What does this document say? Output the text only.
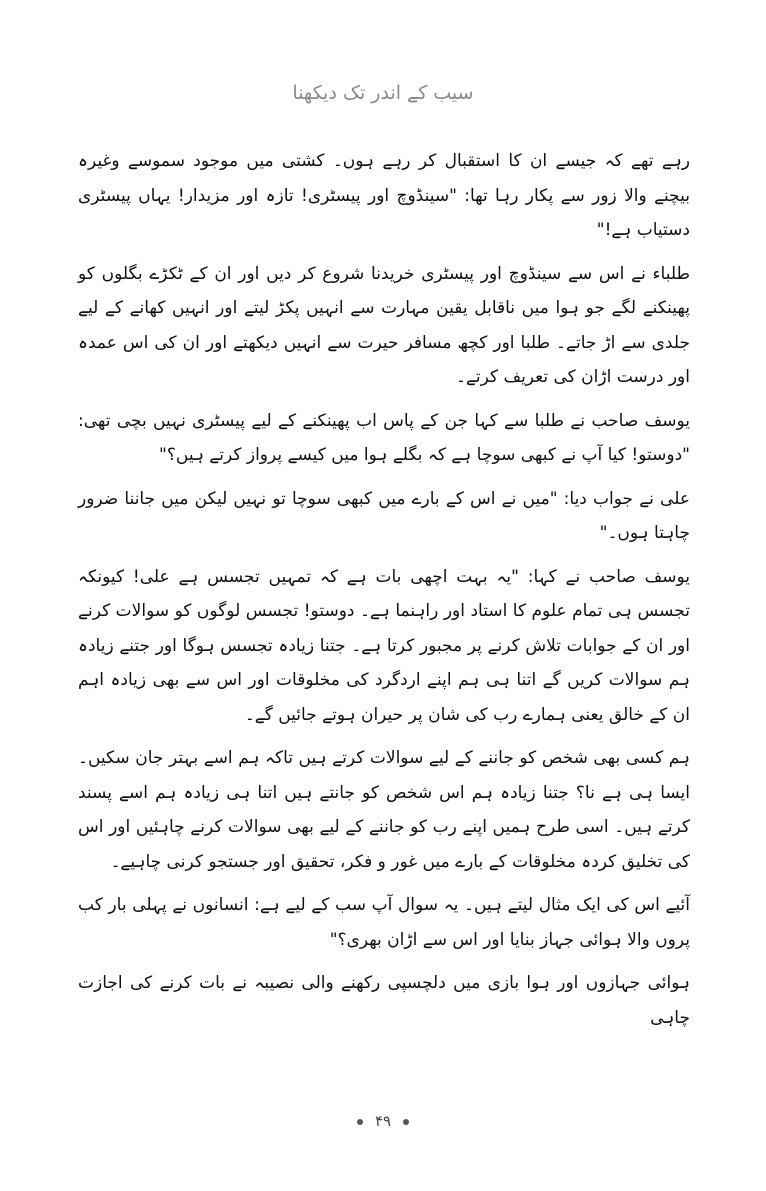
سیب کے اندر تک دیکھنا

رہے تھے کہ جیسے ان کا استقبال کر رہے ہوں۔ کشتی میں موجود سموسے وغیرہ بیچنے والا زور سے پکار رہا تھا: "سینڈوچ اور پیسٹری! تازہ اور مزیدار! یہاں پیسٹری دستیاب ہے!"

طلباء نے اس سے سینڈوچ اور پیسٹری خریدنا شروع کر دیں اور ان کے ٹکڑے بگلوں کو پھینکنے لگے جو ہوا میں ناقابل یقین مہارت سے انہیں پکڑ لیتے اور انہیں کھانے کے لیے جلدی سے اڑ جاتے۔ طلبا اور کچھ مسافر حیرت سے انہیں دیکھتے اور ان کی اس عمدہ اور درست اڑان کی تعریف کرتے۔

یوسف صاحب نے طلبا سے کہا جن کے پاس اب پھینکنے کے لیے پیسٹری نہیں بچی تھی: "دوستو! کیا آپ نے کبھی سوچا ہے کہ بگلے ہوا میں کیسے پرواز کرتے ہیں؟"

علی نے جواب دیا: "میں نے اس کے بارے میں کبھی سوچا تو نہیں لیکن میں جاننا ضرور چاہتا ہوں۔"

یوسف صاحب نے کہا: "یہ بہت اچھی بات ہے کہ تمہیں تجسس ہے علی! کیونکہ تجسس ہی تمام علوم کا استاد اور راہنما ہے۔ دوستو! تجسس لوگوں کو سوالات کرنے اور ان کے جوابات تلاش کرنے پر مجبور کرتا ہے۔ جتنا زیادہ تجسس ہوگا اور جتنے زیادہ ہم سوالات کریں گے اتنا ہی ہم اپنے اردگرد کی مخلوقات اور اس سے بھی زیادہ اہم ان کے خالق یعنی ہمارے رب کی شان پر حیران ہوتے جائیں گے۔

ہم کسی بھی شخص کو جاننے کے لیے سوالات کرتے ہیں تاکہ ہم اسے بہتر جان سکیں۔ ایسا ہی ہے نا؟ جتنا زیادہ ہم اس شخص کو جانتے ہیں اتنا ہی زیادہ ہم اسے پسند کرتے ہیں۔ اسی طرح ہمیں اپنے رب کو جاننے کے لیے بھی سوالات کرنے چاہئیں اور اس کی تخلیق کردہ مخلوقات کے بارے میں غور و فکر، تحقیق اور جستجو کرنی چاہیے۔

آئیے اس کی ایک مثال لیتے ہیں۔ یہ سوال آپ سب کے لیے ہے: انسانوں نے پہلی بار کب پروں والا ہوائی جہاز بنایا اور اس سے اڑان بھری؟"

ہوائی جہازوں اور ہوا بازی میں دلچسپی رکھنے والی نصیبہ نے بات کرنے کی اجازت چاہی

۴۹
